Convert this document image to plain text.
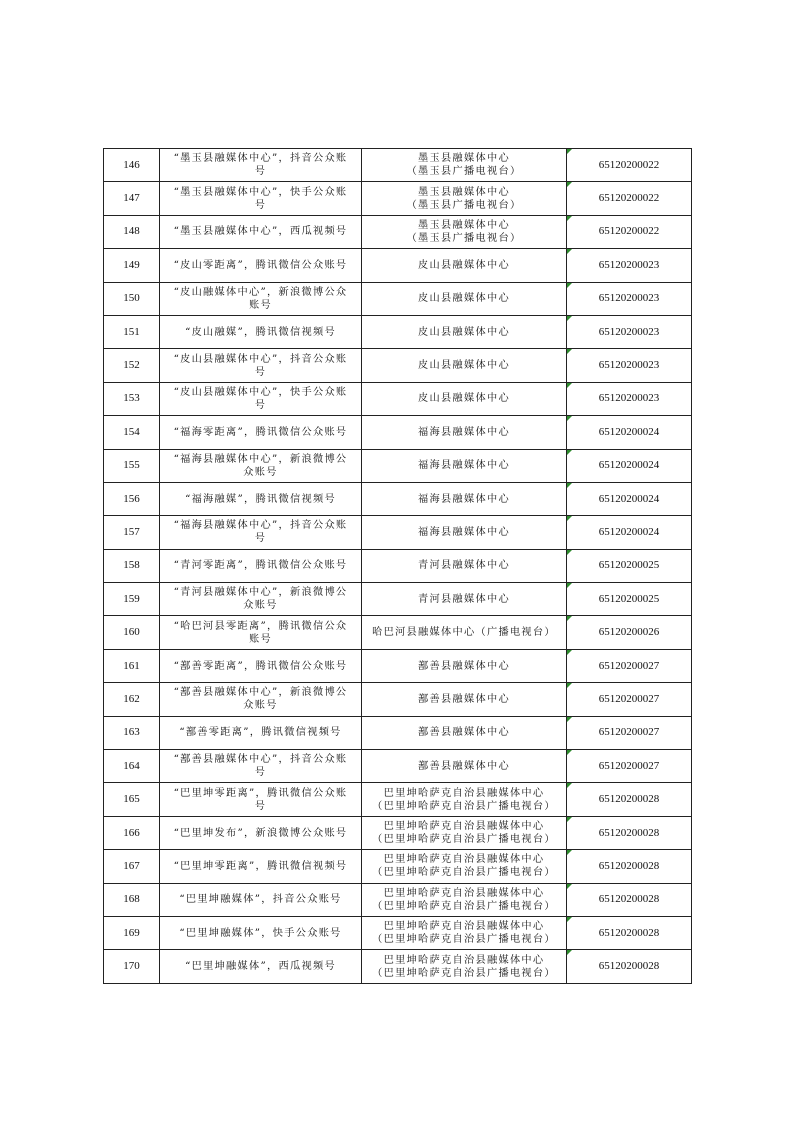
146	“墨玉县融媒体中心”，抖音公众账号	墨玉县融媒体中心
（墨玉县广播电视台）	65120200022
147	“墨玉县融媒体中心”，快手公众账号	墨玉县融媒体中心
（墨玉县广播电视台）	65120200022
148	“墨玉县融媒体中心”，西瓜视频号	墨玉县融媒体中心
（墨玉县广播电视台）	65120200022
149	“皮山零距离”，腾讯微信公众账号	皮山县融媒体中心	65120200023
150	“皮山融媒体中心”，新浪微博公众账号	皮山县融媒体中心	65120200023
151	“皮山融媒”，腾讯微信视频号	皮山县融媒体中心	65120200023
152	“皮山县融媒体中心”，抖音公众账号	皮山县融媒体中心	65120200023
153	“皮山县融媒体中心”，快手公众账号	皮山县融媒体中心	65120200023
154	“福海零距离”，腾讯微信公众账号	福海县融媒体中心	65120200024
155	“福海县融媒体中心”，新浪微博公众账号	福海县融媒体中心	65120200024
156	“福海融媒”，腾讯微信视频号	福海县融媒体中心	65120200024
157	“福海县融媒体中心”，抖音公众账号	福海县融媒体中心	65120200024
158	“青河零距离”，腾讯微信公众账号	青河县融媒体中心	65120200025
159	“青河县融媒体中心”，新浪微博公众账号	青河县融媒体中心	65120200025
160	“哈巴河县零距离”，腾讯微信公众账号	哈巴河县融媒体中心（广播电视台）	65120200026
161	“鄯善零距离”，腾讯微信公众账号	鄯善县融媒体中心	65120200027
162	“鄯善县融媒体中心”，新浪微博公众账号	鄯善县融媒体中心	65120200027
163	“鄯善零距离”，腾讯微信视频号	鄯善县融媒体中心	65120200027
164	“鄯善县融媒体中心”，抖音公众账号	鄯善县融媒体中心	65120200027
165	“巴里坤零距离”，腾讯微信公众账号	巴里坤哈萨克自治县融媒体中心
（巴里坤哈萨克自治县广播电视台）	65120200028
166	“巴里坤发布”，新浪微博公众账号	巴里坤哈萨克自治县融媒体中心
（巴里坤哈萨克自治县广播电视台）	65120200028
167	“巴里坤零距离”，腾讯微信视频号	巴里坤哈萨克自治县融媒体中心
（巴里坤哈萨克自治县广播电视台）	65120200028
168	“巴里坤融媒体”，抖音公众账号	巴里坤哈萨克自治县融媒体中心
（巴里坤哈萨克自治县广播电视台）	65120200028
169	“巴里坤融媒体”，快手公众账号	巴里坤哈萨克自治县融媒体中心
（巴里坤哈萨克自治县广播电视台）	65120200028
170	“巴里坤融媒体”，西瓜视频号	巴里坤哈萨克自治县融媒体中心
（巴里坤哈萨克自治县广播电视台）	65120200028
